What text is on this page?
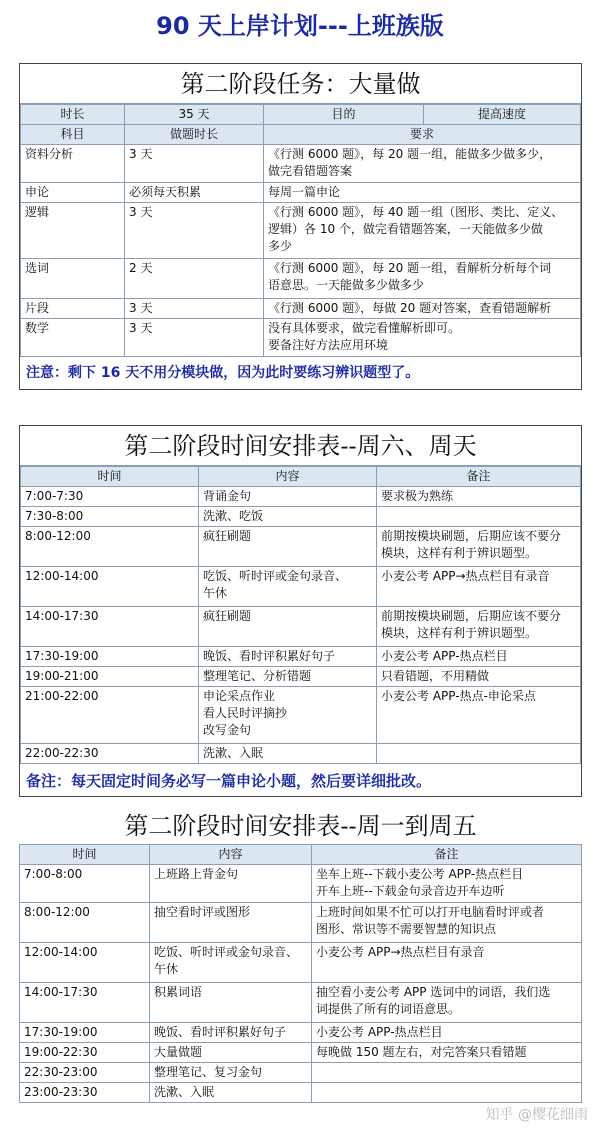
90 天上岸计划---上班族版
第二阶段任务：大量做
时长	35 天	目的	提高速度
科目	做题时长	要求	
资料分析	3 天	《行测 6000 题》，每 20 题一组，能做多少做多少，
做完看错题答案	
申论	必须每天积累	每周一篇申论	
逻辑	3 天	《行测 6000 题》，每 40 题一组（图形、类比、定义、
逻辑）各 10 个，做完看错题答案，一天能做多少做
多少	
选词	2 天	《行测 6000 题》，每 20 题一组，看解析分析每个词
语意思。一天能做多少做多少	
片段	3 天	《行测 6000 题》，每做 20 题对答案，查看错题解析	
数学	3 天	没有具体要求，做完看懂解析即可。
要备注好方法应用环境	
注意：剩下 16 天不用分模块做，因为此时要练习辨识题型了。
第二阶段时间安排表--周六、周天
时间	内容	备注
7:00-7:30	背诵金句	要求极为熟练
7:30-8:00	洗漱、吃饭	
8:00-12:00	疯狂刷题	前期按模块刷题，后期应该不要分
模块，这样有利于辨识题型。
12:00-14:00	吃饭、听时评或金句录音、
午休	小麦公考 APP→热点栏目有录音
14:00-17:30	疯狂刷题	前期按模块刷题，后期应该不要分
模块，这样有利于辨识题型。
17:30-19:00	晚饭、看时评积累好句子	小麦公考 APP-热点栏目
19:00-21:00	整理笔记、分析错题	只看错题，不用精做
21:00-22:00	申论采点作业
看人民时评摘抄
改写金句	小麦公考 APP-热点-申论采点
22:00-22:30	洗漱、入眠	
备注：每天固定时间务必写一篇申论小题，然后要详细批改。
第二阶段时间安排表--周一到周五
时间	内容	备注
7:00-8:00	上班路上背金句	坐车上班--下载小麦公考 APP-热点栏目
开车上班--下载金句录音边开车边听
8:00-12:00	抽空看时评或图形	上班时间如果不忙可以打开电脑看时评或者
图形、常识等不需要智慧的知识点
12:00-14:00	吃饭、听时评或金句录音、
午休	小麦公考 APP→热点栏目有录音
14:00-17:30	积累词语	抽空看小麦公考 APP 选词中的词语，我们选
词提供了所有的词语意思。
17:30-19:00	晚饭、看时评积累好句子	小麦公考 APP-热点栏目
19:00-22:30	大量做题	每晚做 150 题左右，对完答案只看错题
22:30-23:00	整理笔记、复习金句	
23:00-23:30	洗漱、入眠	
知乎 @樱花细雨
